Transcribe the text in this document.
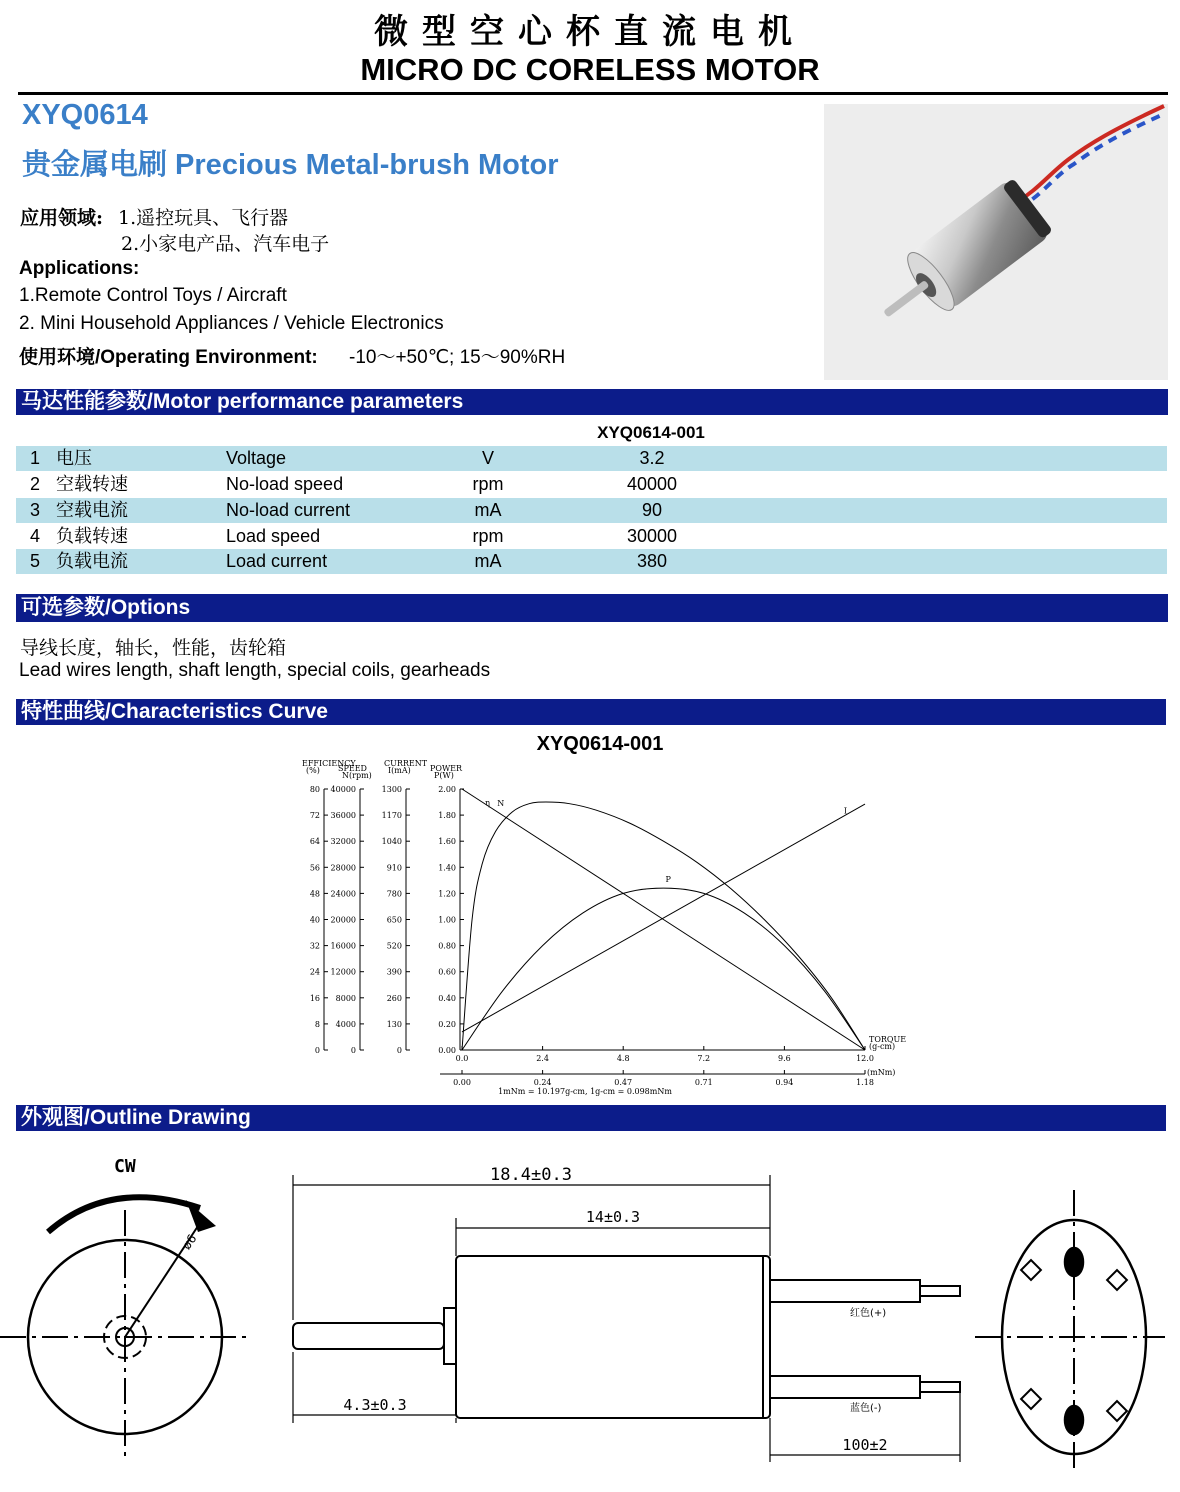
微型空心杯直流电机
MICRO DC CORELESS MOTOR
XYQ0614
贵金属电刷 Precious Metal-brush Motor
应用领域: 1.遥控玩具、飞行器
2.小家电产品、汽车电子
Applications:
1.Remote Control Toys / Aircraft
2. Mini Household Appliances / Vehicle Electronics
使用环境/Operating Environment: -10～+50℃; 15～90%RH
马达性能参数/Motor performance parameters
XYQ0614-001
1 电压	Voltage	V	3.2
2 空载转速	No-load speed	rpm	40000
3 空载电流	No-load current	mA	90
4 负载转速	Load speed	rpm	30000
5 负载电流	Load current	mA	380
可选参数/Options
导线长度，轴长，性能，齿轮箱
Lead wires length, shaft length, special coils, gearheads
特性曲线/Characteristics Curve
XYQ0614-001
EFFICIENCY
(%)
0
8
16
24
32
40
48
56
64
72
80
SPEED
N(rpm)
0
4000
8000
12000
16000
20000
24000
28000
32000
36000
40000
CURRENT
I(mA)
0
130
260
390
520
650
780
910
1040
1170
1300
POWER
P(W)
0.00
0.20
0.40
0.60
0.80
1.00
1.20
1.40
1.60
1.80
2.00
0.0	2.4	4.8	7.2	9.6	12.0
0.00	0.24	0.47	0.71	0.94	1.18
TORQUE
(g-cm)
(mNm)
1mNm = 10.197g-cm, 1g-cm = 0.098mNm
N
I
P
η
外观图/Outline Drawing
CW
ø6
18.4±0.3
14±0.3
4.3±0.3
100±2
红色(+)
蓝色(-)
